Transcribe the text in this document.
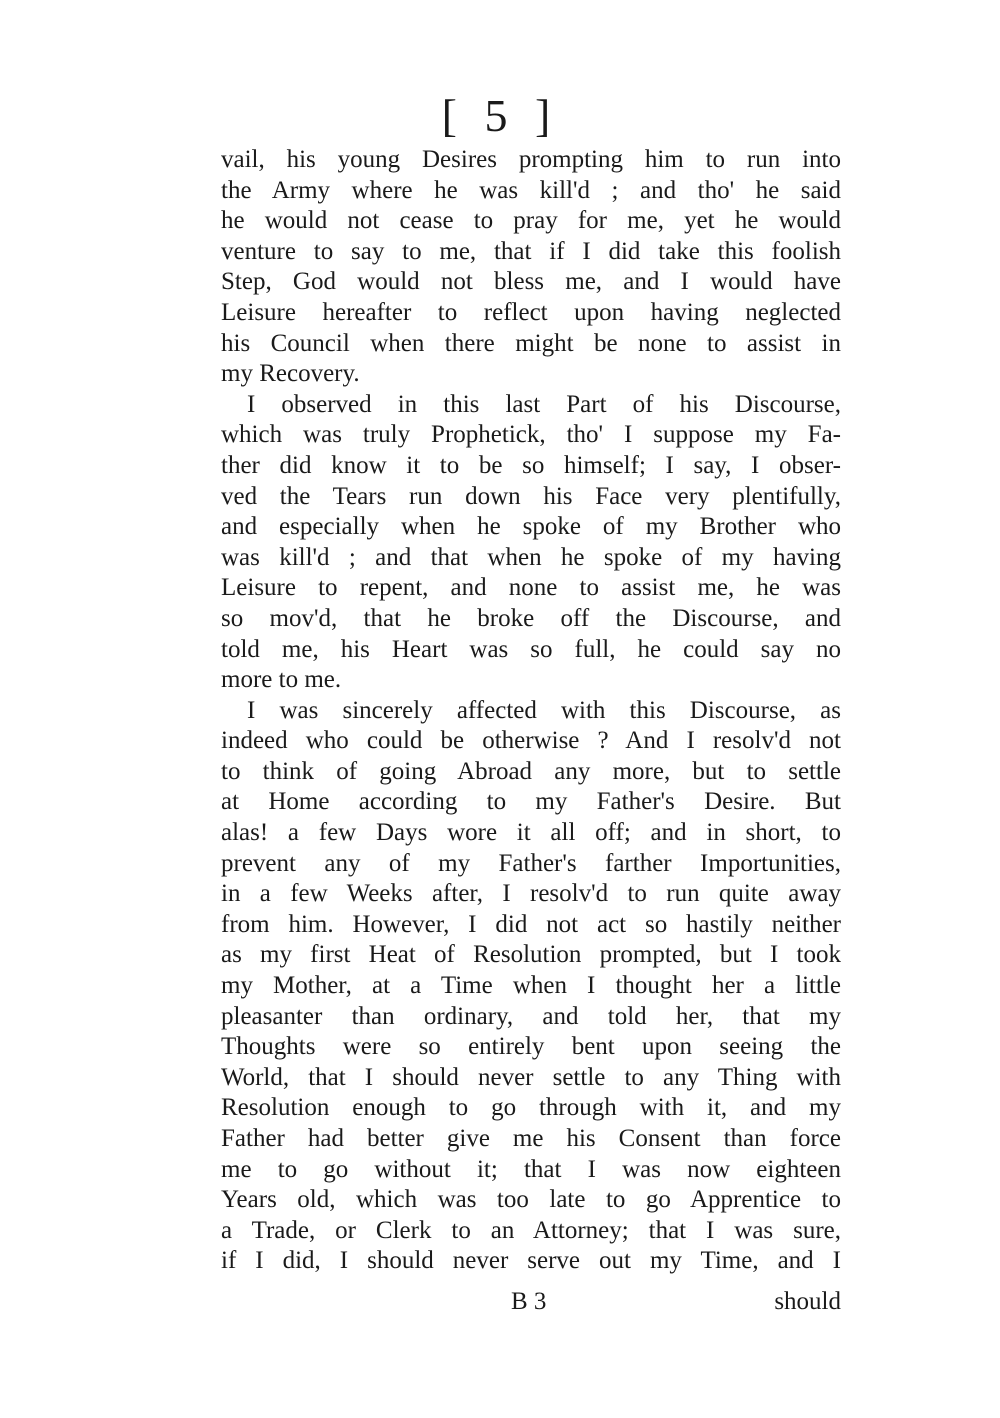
[ 5 ]
vail, his young Desires prompting him to run into
the Army where he was kill'd ; and tho' he said
he would not cease to pray for me, yet he would
venture to say to me, that if I did take this foolish
Step, God would not bless me, and I would have
Leisure hereafter to reflect upon having neglected
his Council when there might be none to assist in
my Recovery.
I observed in this last Part of his Discourse,
which was truly Prophetick, tho' I suppose my Fa-
ther did know it to be so himself; I say, I obser-
ved the Tears run down his Face very plentifully,
and especially when he spoke of my Brother who
was kill'd ; and that when he spoke of my having
Leisure to repent, and none to assist me, he was
so mov'd, that he broke off the Discourse, and
told me, his Heart was so full, he could say no
more to me.
I was sincerely affected with this Discourse, as
indeed who could be otherwise ? And I resolv'd not
to think of going Abroad any more, but to settle
at Home according to my Father's Desire. But
alas! a few Days wore it all off; and in short, to
prevent any of my Father's farther Importunities,
in a few Weeks after, I resolv'd to run quite away
from him. However, I did not act so hastily neither
as my first Heat of Resolution prompted, but I took
my Mother, at a Time when I thought her a little
pleasanter than ordinary, and told her, that my
Thoughts were so entirely bent upon seeing the
World, that I should never settle to any Thing with
Resolution enough to go through with it, and my
Father had better give me his Consent than force
me to go without it; that I was now eighteen
Years old, which was too late to go Apprentice to
a Trade, or Clerk to an Attorney; that I was sure,
if I did, I should never serve out my Time, and I
B 3	should
